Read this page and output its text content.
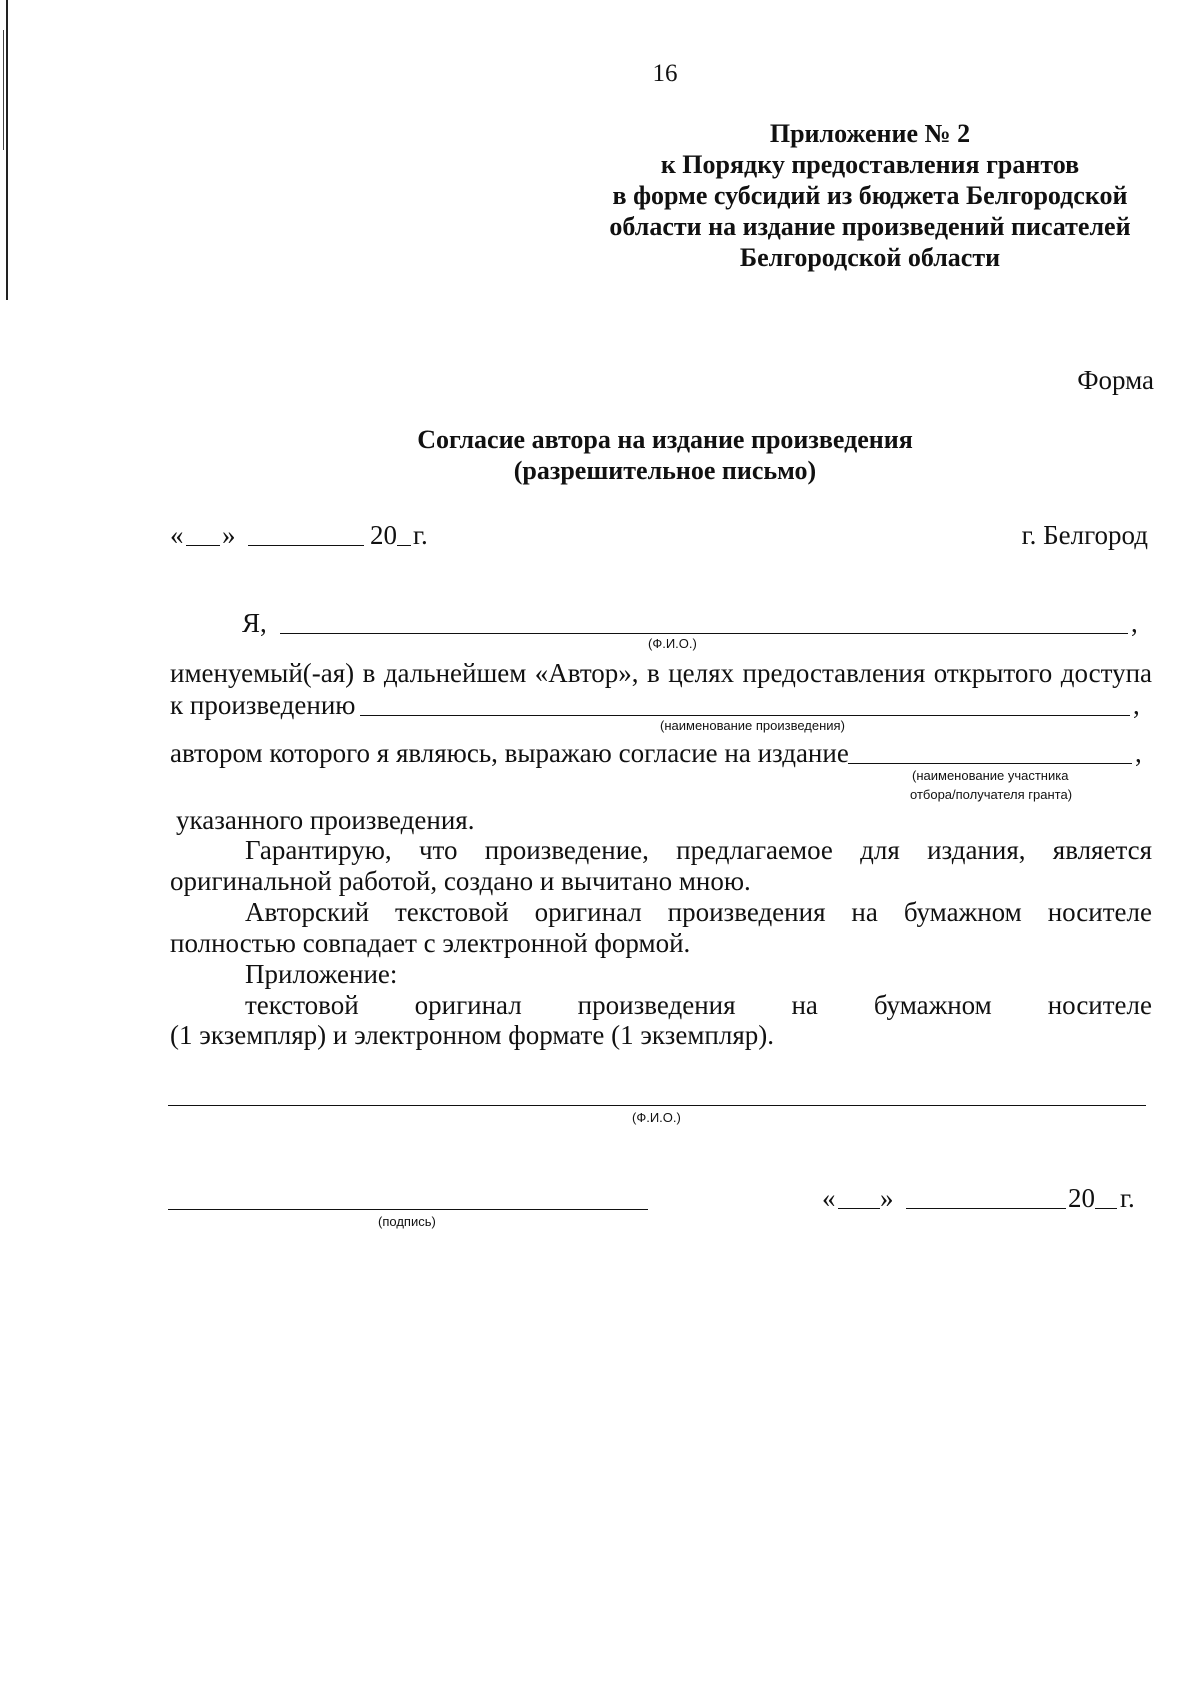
16
Приложение № 2
к Порядку предоставления грантов
в форме субсидий из бюджета Белгородской
области на издание произведений писателей
Белгородской области
Форма
Согласие автора на издание произведения
(разрешительное письмо)
« »	20 г.	г. Белгород
Я,	,
(Ф.И.О.)
именуемый(-ая) в дальнейшем «Автор», в целях предоставления открытого доступа
к произведению	,
(наименование произведения)
автором которого я являюсь, выражаю согласие на издание	,
(наименование участника
отбора/получателя гранта)
указанного произведения.
Гарантирую, что произведение, предлагаемое для издания, является
оригинальной работой, создано и вычитано мною.
Авторский текстовой оригинал произведения на бумажном носителе
полностью совпадает с электронной формой.
Приложение:
текстовой оригинал произведения на бумажном носителе
(1 экземпляр) и электронном формате (1 экземпляр).
(Ф.И.О.)
(подпись)
« »	20 г.
